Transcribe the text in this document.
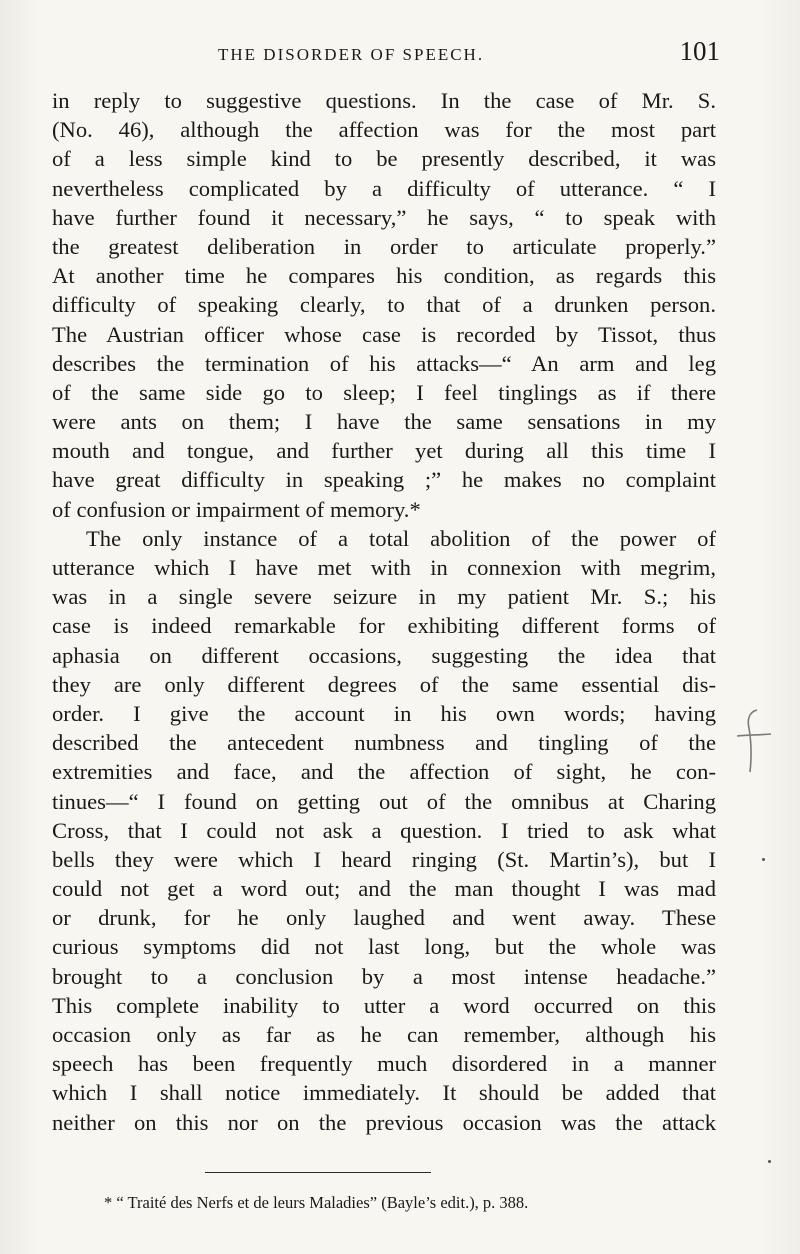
THE DISORDER OF SPEECH.	101
in reply to suggestive questions. In the case of Mr. S.
(No. 46), although the affection was for the most part
of a less simple kind to be presently described, it was
nevertheless complicated by a difficulty of utterance. “ I
have further found it necessary,” he says, “ to speak with
the greatest deliberation in order to articulate properly.”
At another time he compares his condition, as regards this
difficulty of speaking clearly, to that of a drunken person.
The Austrian officer whose case is recorded by Tissot, thus
describes the termination of his attacks—“ An arm and leg
of the same side go to sleep; I feel tinglings as if there
were ants on them; I have the same sensations in my
mouth and tongue, and further yet during all this time I
have great difficulty in speaking ;” he makes no complaint
of confusion or impairment of memory.*
The only instance of a total abolition of the power of
utterance which I have met with in connexion with megrim,
was in a single severe seizure in my patient Mr. S.; his
case is indeed remarkable for exhibiting different forms of
aphasia on different occasions, suggesting the idea that
they are only different degrees of the same essential dis-
order. I give the account in his own words; having
described the antecedent numbness and tingling of the
extremities and face, and the affection of sight, he con-
tinues—“ I found on getting out of the omnibus at Charing
Cross, that I could not ask a question. I tried to ask what
bells they were which I heard ringing (St. Martin’s), but I
could not get a word out; and the man thought I was mad
or drunk, for he only laughed and went away. These
curious symptoms did not last long, but the whole was
brought to a conclusion by a most intense headache.”
This complete inability to utter a word occurred on this
occasion only as far as he can remember, although his
speech has been frequently much disordered in a manner
which I shall notice immediately. It should be added that
neither on this nor on the previous occasion was the attack
* “ Traité des Nerfs et de leurs Maladies” (Bayle’s edit.), p. 388.
